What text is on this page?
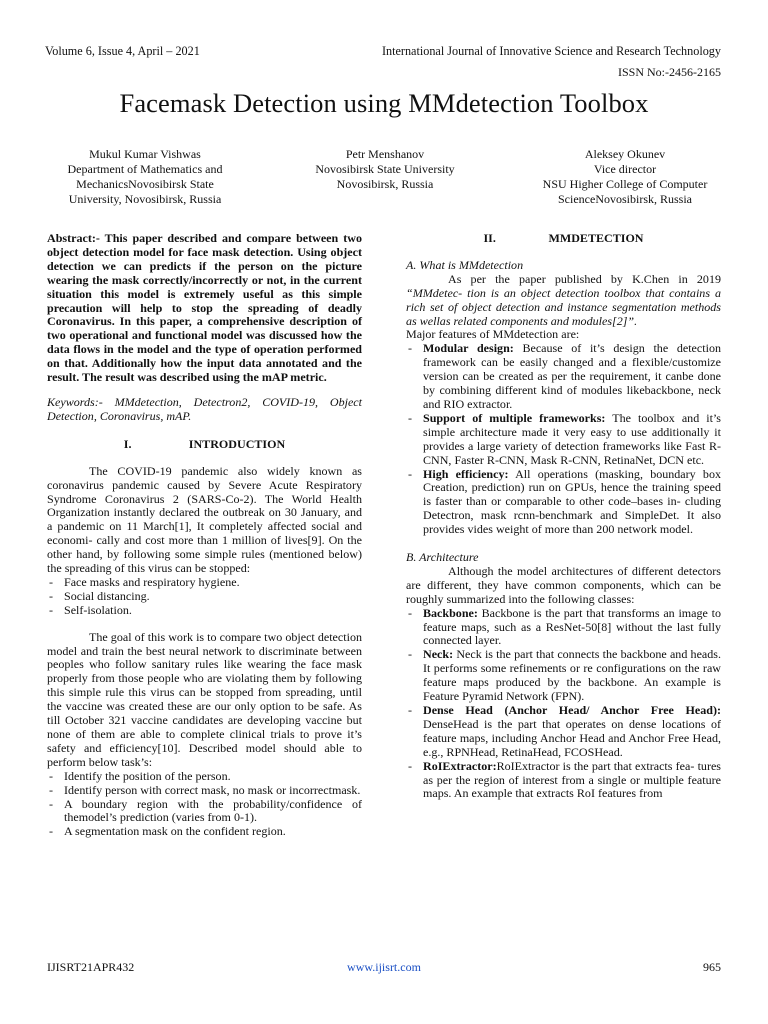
Volume 6, Issue 4, April – 2021	International Journal of Innovative Science and Research Technology
ISSN No:-2456-2165
Facemask Detection using MMdetection Toolbox
Mukul Kumar Vishwas
Department of Mathematics and
MechanicsNovosibirsk State
University, Novosibirsk, Russia
Petr Menshanov
Novosibirsk State University
Novosibirsk, Russia
Aleksey Okunev
Vice director
NSU Higher College of Computer
ScienceNovosibirsk, Russia

Abstract:- This paper described and compare between two object detection model for face mask detection. Using object detection we can predicts if the person on the picture wearing the mask correctly/incorrectly or not, in the current situation this model is extremely useful as this simple precaution will help to stop the spreading of deadly Coronavirus. In this paper, a comprehensive description of two operational and functional model was discussed how the data flows in the model and the type of operation performed on that. Additionally how the input data annotated and the result. The result was described using the mAP metric.

Keywords:- MMdetection, Detectron2, COVID-19, Object Detection, Coronavirus, mAP.

I.	INTRODUCTION

The COVID-19 pandemic also widely known as coronavirus pandemic caused by Severe Acute Respiratory Syndrome Coronavirus 2 (SARS-Co-2). The World Health Organization instantly declared the outbreak on 30 January, and a pandemic on 11 March[1], It completely affected social and economi- cally and cost more than 1 million of lives[9]. On the other hand, by following some simple rules (mentioned below) the spreading of this virus can be stopped:

- Face masks and respiratory hygiene.
- Social distancing.
- Self-isolation.

The goal of this work is to compare two object detection model and train the best neural network to discriminate between peoples who follow sanitary rules like wearing the face mask properly from those people who are violating them by following this simple rule this virus can be stopped from spreading, until the vaccine was created these are our only option to be safe. As till October 321 vaccine candidates are developing vaccine but none of them are able to complete clinical trials to prove it’s safety and efficiency[10]. Described model should able to perform below task’s:

- Identify the position of the person.
- Identify person with correct mask, no mask or incorrectmask.
- A boundary region with the probability/confidence of themodel’s prediction (varies from 0-1).
- A segmentation mask on the confident region.

II.	MMDETECTION

A. What is MMdetection

As per the paper published by K.Chen in 2019 “MMdetec- tion is an object detection toolbox that contains a rich set of object detection and instance segmentation methods as wellas related components and modules[2]”.

Major features of MMdetection are:

- Modular design: Because of it’s design the detection framework can be easily changed and a flexible/customize version can be created as per the requirement, it canbe done by combining different kind of modules likebackbone, neck and RIO extractor.
- Support of multiple frameworks: The toolbox and it’s simple architecture made it very easy to use additionally it provides a large variety of detection frameworks like Fast R-CNN, Faster R-CNN, Mask R-CNN, RetinaNet, DCN etc.
- High efficiency: All operations (masking, boundary box Creation, prediction) run on GPUs, hence the training speed is faster than or comparable to other code–bases in- cluding Detectron, mask rcnn-benchmark and SimpleDet. It also provides vides weight of more than 200 network model.

B. Architecture

Although the model architectures of different detectors are different, they have common components, which can be roughly summarized into the following classes:

- Backbone: Backbone is the part that transforms an image to feature maps, such as a ResNet-50[8] without the last fully connected layer.
- Neck: Neck is the part that connects the backbone and heads. It performs some refinements or re configurations on the raw feature maps produced by the backbone. An example is Feature Pyramid Network (FPN).
- Dense Head (Anchor Head/ Anchor Free Head): DenseHead is the part that operates on dense locations of feature maps, including Anchor Head and Anchor Free Head, e.g., RPNHead, RetinaHead, FCOSHead.
- RoIExtractor:RoIExtractor is the part that extracts fea- tures as per the region of interest from a single or multiple feature maps. An example that extracts RoI features from
IJISRT21APR432	www.ijisrt.com	965
